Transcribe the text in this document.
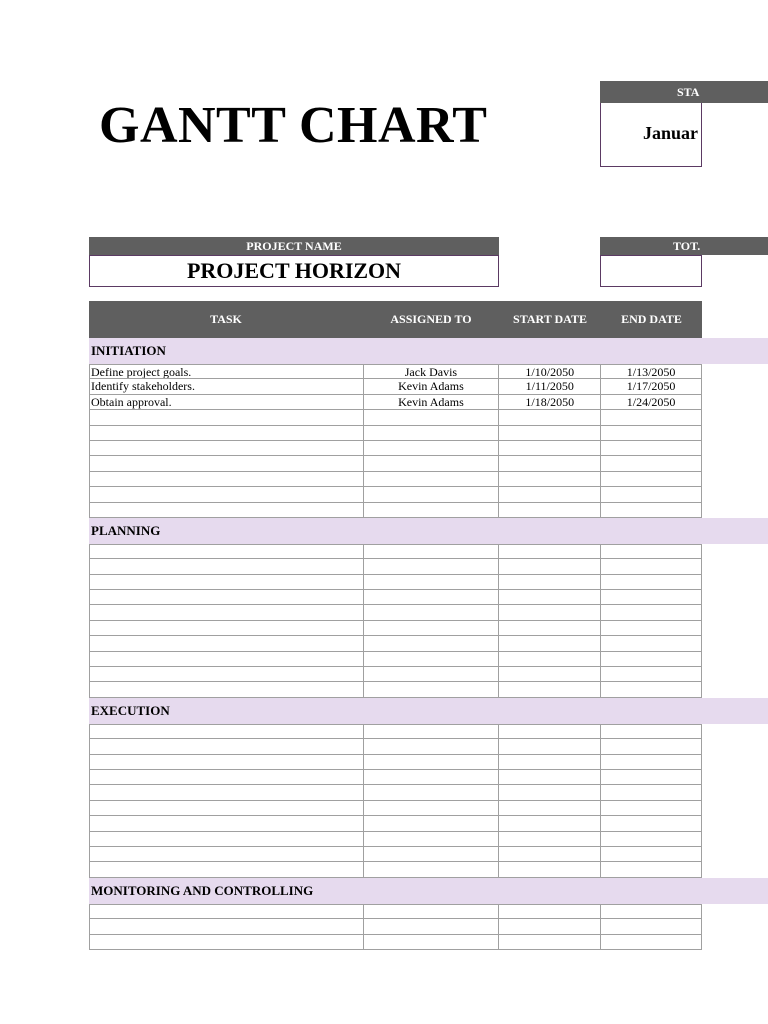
GANTT CHART
STA
Januar
PROJECT NAME
PROJECT HORIZON
TOT.
TASK	ASSIGNED TO	START DATE	END DATE
INITIATION
Define project goals.	Jack Davis	1/10/2050	1/13/2050
Identify stakeholders.	Kevin Adams	1/11/2050	1/17/2050
Obtain approval.	Kevin Adams	1/18/2050	1/24/2050
PLANNING
EXECUTION
MONITORING AND CONTROLLING
